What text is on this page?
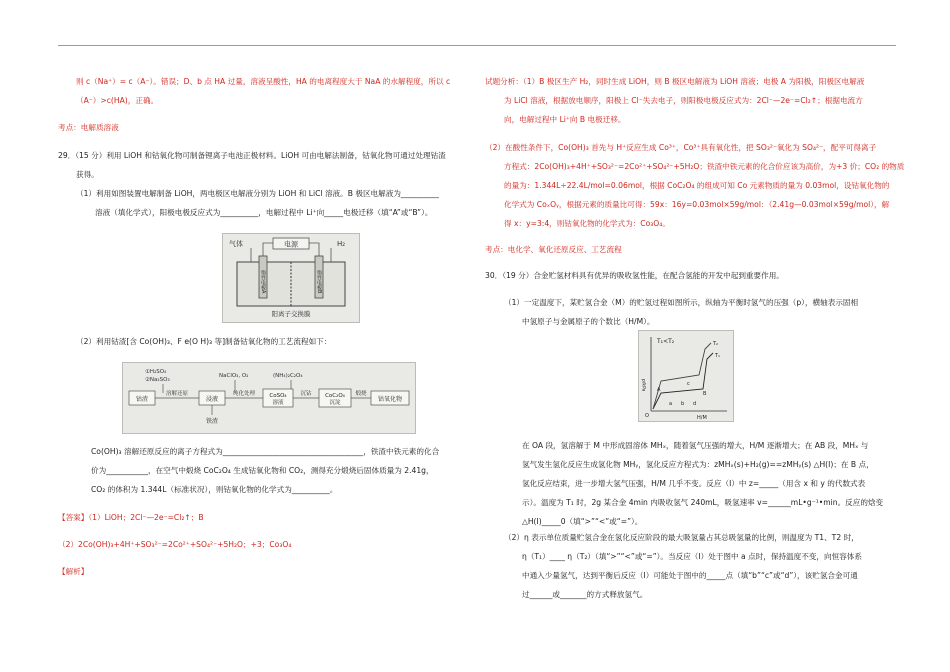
则 c（Na⁺）= c（A⁻）。错误；D、b 点 HA 过量，溶液呈酸性，HA 的电离程度大于 NaA 的水解程度，所以 c
（A⁻）>c(HA)，正确。
考点：电解质溶液
29．（15 分）利用 LiOH 和钴氧化物可制备锂离子电池正极材料。LiOH 可由电解法制备，钴氧化物可通过处理钴渣
获得。
（1）利用如图装置电解制备 LiOH，两电极区电解液分别为 LiOH 和 LiCl 溶液。B 极区电解液为__________
溶液（填化学式），阳极电极反应式为__________，电解过程中 Li⁺向_____电极迁移（填“A”或“B”）。
电源
气体	H₂
惰性电极A	惰性电极B
阳离子交换膜
（2）利用钴渣[含 Co(OH)₃、F e(O H)₃ 等]制备钴氧化物的工艺流程如下：
①H₂SO₄
②Na₂SO₃
NaClO₃, O₂	(NH₄)₂C₂O₄
钴渣
溶解还原
浸液
纯化处理
铁渣
CoSO₄
溶液
沉钴 CoC₂O₄
沉淀
煅烧
钴氧化物
Co(OH)₃ 溶解还原反应的离子方程式为_____________________________________，铁渣中铁元素的化合
价为___________，在空气中煅烧 CoC₂O₄ 生成钴氧化物和 CO₂，测得充分煅烧后固体质量为 2.41g，
CO₂ 的体积为 1.344L（标准状况），则钴氧化物的化学式为__________。
【答案】（1）LiOH；2Cl⁻—2e⁻=Cl₂↑；B
（2）2Co(OH)₃+4H⁺+SO₃²⁻=2Co²⁺+SO₄²⁻+5H₂O；+3；Co₃O₄
【解析】
试题分析：（1）B 极区生产 H₂，同时生成 LiOH，则 B 极区电解液为 LiOH 溶液；电极 A 为阳极，阳极区电解液
为 LiCl 溶液，根据放电顺序，阳极上 Cl⁻失去电子，则阳极电极反应式为：2Cl⁻—2e⁻=Cl₂↑；根据电流方
向，电解过程中 Li⁺向 B 电极迁移。
（2）在酸性条件下，Co(OH)₃ 首先与 H⁺反应生成 Co³⁺，Co³⁺具有氧化性，把 SO₃²⁻氧化为 SO₄²⁻，配平可得离子
方程式：2Co(OH)₃+4H⁺+SO₃²⁻=2Co²⁺+SO₄²⁻+5H₂O；铁渣中铁元素的化合价应该为高价，为+3 价；CO₂ 的物质
的量为：1.344L÷22.4L/mol=0.06mol，根据 CoC₂O₄ 的组成可知 Co 元素物质的量为 0.03mol，设钴氧化物的
化学式为 CoₓOᵧ，根据元素的质量比可得：59x：16y=0.03mol×59g/mol：（2.41g—0.03mol×59g/mol），解
得 x：y=3:4，则钴氧化物的化学式为：Co₃O₄。
考点：电化学、氧化还原反应、工艺流程
30．（19 分）合金贮氢材料具有优异的吸收氢性能，在配合氢能的开发中起到重要作用。
（1）一定温度下，某贮氢合金（M）的贮氢过程如图所示，纵轴为平衡时氢气的压强（p），横轴表示固相
中氢原子与金属原子的个数比（H/M）。
T₁<T₂
p/kPa
H/M
O
a b
c
d
A
B
T₁
T₂
在 OA 段，氢溶解于 M 中形成固溶体 MHₓ，随着氢气压强的增大，H/M 逐渐增大；在 AB 段，MHₓ 与
氢气发生氢化反应生成氢化物 MHᵧ，氢化反应方程式为：zMHₓ(s)+H₂(g)==zMHᵧ(s) △H(Ⅰ)；在 B 点，
氢化反应结束，进一步增大氢气压强，H/M 几乎不变。反应（Ⅰ）中 z=_____（用含 x 和 y 的代数式表
示）。温度为 T₁ 时，2g 某合金 4min 内吸收氢气 240mL，吸氢速率 v=______mL•g⁻¹•min。反应的焓变
△H(Ⅰ)_____0（填“>”“<”或“=”）。
（2）η 表示单位质量贮氢合金在氢化反应阶段的最大吸氢量占其总吸氢量的比例，则温度为 T1、T2 时，
η（T₁）____ η（T₂）（填“>”“<”或“=”）。当反应（Ⅰ）处于图中 a 点时，保持温度不变，向恒容体系
中通入少量氢气，达到平衡后反应（Ⅰ）可能处于图中的_____点（填“b”“c”或“d”），该贮氢合金可通
过______或_______的方式释放氢气。
